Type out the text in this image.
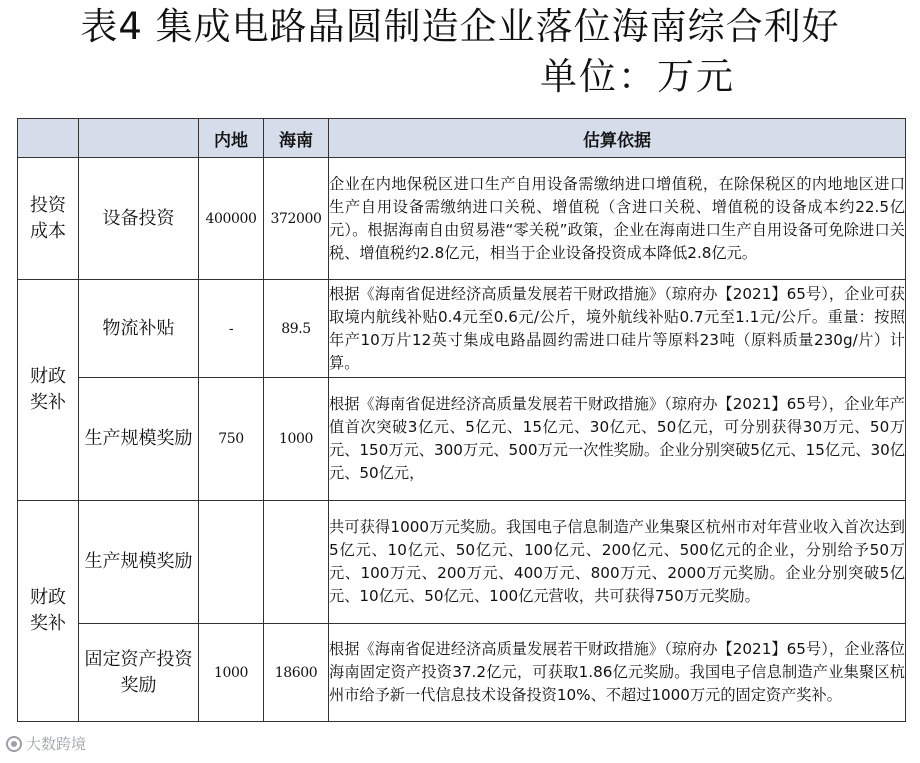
表4 集成电路晶圆制造企业落位海南综合利好
单位：万元
		内地	海南	估算依据
投资成本	设备投资	400000	372000	企业在内地保税区进口生产自用设备需缴纳进口增值税，在除保税区的内地地区进口生产自用设备需缴纳进口关税、增值税（含进口关税、增值税的设备成本约22.5亿元）。根据海南自由贸易港“零关税”政策，企业在海南进口生产自用设备可免除进口关税、增值税约2.8亿元，相当于企业设备投资成本降低2.8亿元。
财政奖补	物流补贴	-	89.5	根据《海南省促进经济高质量发展若干财政措施》（琼府办【2021】65号），企业可获取境内航线补贴0.4元至0.6元/公斤，境外航线补贴0.7元至1.1元/公斤。重量：按照年产10万片12英寸集成电路晶圆约需进口硅片等原料23吨（原料质量230g/片）计算。
	生产规模奖励	750	1000	根据《海南省促进经济高质量发展若干财政措施》（琼府办【2021】65号），企业年产值首次突破3亿元、5亿元、15亿元、30亿元、50亿元，可分别获得30万元、50万元、150万元、300万元、500万元一次性奖励。企业分别突破5亿元、15亿元、30亿元、50亿元，
财政奖补	生产规模奖励			共可获得1000万元奖励。我国电子信息制造产业集聚区杭州市对年营业收入首次达到5亿元、10亿元、50亿元、100亿元、200亿元、500亿元的企业，分别给予50万元、100万元、200万元、400万元、800万元、2000万元奖励。企业分别突破5亿元、10亿元、50亿元、100亿元营收，共可获得750万元奖励。
	固定资产投资奖励	1000	18600	根据《海南省促进经济高质量发展若干财政措施》（琼府办【2021】65号），企业落位海南固定资产投资37.2亿元，可获取1.86亿元奖励。我国电子信息制造产业集聚区杭州市给予新一代信息技术设备投资10%、不超过1000万元的固定资产奖补。
大数跨境
